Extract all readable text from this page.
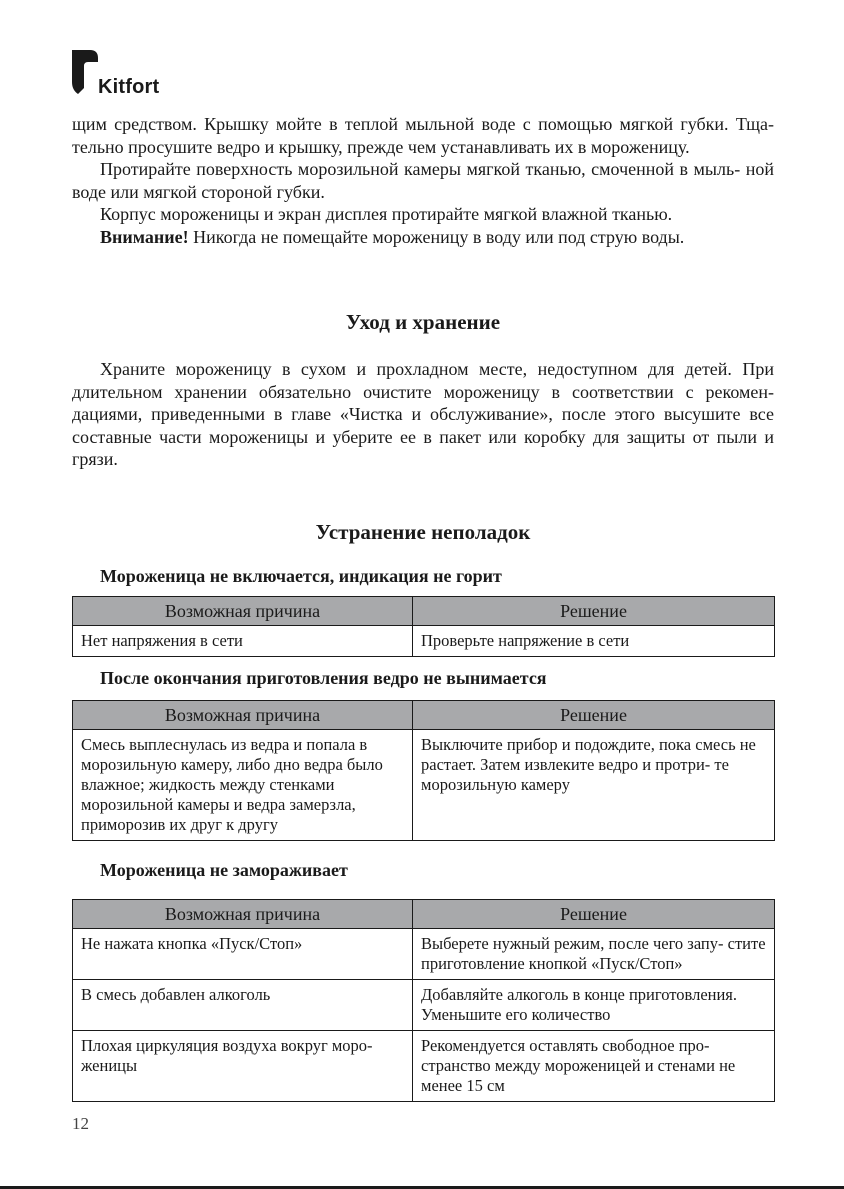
Kitfort

щим средством. Крышку мойте в теплой мыльной воде с помощью мягкой губки. Тща- тельно просушите ведро и крышку, прежде чем устанавливать их в мороженицу.

Протирайте поверхность морозильной камеры мягкой тканью, смоченной в мыль- ной воде или мягкой стороной губки.

Корпус мороженицы и экран дисплея протирайте мягкой влажной тканью.

Внимание! Никогда не помещайте мороженицу в воду или под струю воды.

Уход и хранение

Храните мороженицу в сухом и прохладном месте, недоступном для детей. При длительном хранении обязательно очистите мороженицу в соответствии с рекомен- дациями, приведенными в главе «Чистка и обслуживание», после этого высушите все составные части мороженицы и уберите ее в пакет или коробку для защиты от пыли и грязи.

Устранение неполадок
Мороженица не включается, индикация не горит
Возможная причина	Решение
Нет напряжения в сети	Проверьте напряжение в сети
После окончания приготовления ведро не вынимается
Возможная причина	Решение
Смесь выплеснулась из ведра и попала в морозильную камеру, либо дно ведра было влажное; жидкость между стенками морозильной камеры и ведра замерзла, приморозив их друг к другу	Выключите прибор и подождите, пока смесь не растает. Затем извлеките ведро и протри- те морозильную камеру
Мороженица не замораживает
Возможная причина	Решение
Не нажата кнопка «Пуск/Стоп»	Выберете нужный режим, после чего запу- стите приготовление кнопкой «Пуск/Стоп»
В смесь добавлен алкоголь	Добавляйте алкоголь в конце приготовления. Уменьшите его количество
Плохая циркуляция воздуха вокруг моро- женицы	Рекомендуется оставлять свободное про- странство между мороженицей и стенами не менее 15 см
12
